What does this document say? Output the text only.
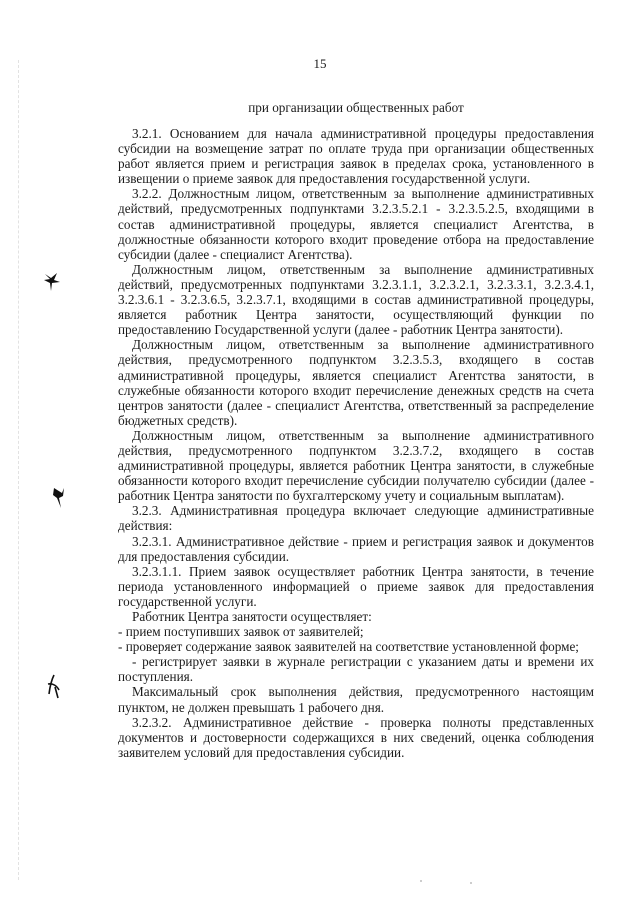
15
при организации общественных работ

3.2.1. Основанием для начала административной процедуры предоставления субсидии на возмещение затрат по оплате труда при организации общественных работ является прием и регистрация заявок в пределах срока, установленного в извещении о приеме заявок для предоставления государственной услуги.

3.2.2. Должностным лицом, ответственным за выполнение административных действий, предусмотренных подпунктами 3.2.3.5.2.1 - 3.2.3.5.2.5, входящими в состав административной процедуры, является специалист Агентства, в должностные обязанности которого входит проведение отбора на предоставление субсидии (далее - специалист Агентства).

Должностным лицом, ответственным за выполнение административных действий, предусмотренных подпунктами 3.2.3.1.1, 3.2.3.2.1, 3.2.3.3.1, 3.2.3.4.1, 3.2.3.6.1 - 3.2.3.6.5, 3.2.3.7.1, входящими в состав административной процедуры, является работник Центра занятости, осуществляющий функции по предоставлению Государственной услуги (далее - работник Центра занятости).

Должностным лицом, ответственным за выполнение административного действия, предусмотренного подпунктом 3.2.3.5.3, входящего в состав административной процедуры, является специалист Агентства занятости, в служебные обязанности которого входит перечисление денежных средств на счета центров занятости (далее - специалист Агентства, ответственный за распределение бюджетных средств).

Должностным лицом, ответственным за выполнение административного действия, предусмотренного подпунктом 3.2.3.7.2, входящего в состав административной процедуры, является работник Центра занятости, в служебные обязанности которого входит перечисление субсидии получателю субсидии (далее - работник Центра занятости по бухгалтерскому учету и социальным выплатам).

3.2.3. Административная процедура включает следующие административные действия:

3.2.3.1. Административное действие - прием и регистрация заявок и документов для предоставления субсидии.

3.2.3.1.1. Прием заявок осуществляет работник Центра занятости, в течение периода установленного информацией о приеме заявок для предоставления государственной услуги.

Работник Центра занятости осуществляет:

- прием поступивших заявок от заявителей;

- проверяет содержание заявок заявителей на соответствие установленной форме;

- регистрирует заявки в журнале регистрации с указанием даты и времени их поступления.

Максимальный срок выполнения действия, предусмотренного настоящим пунктом, не должен превышать 1 рабочего дня.

3.2.3.2. Административное действие - проверка полноты представленных документов и достоверности содержащихся в них сведений, оценка соблюдения заявителем условий для предоставления субсидии.
